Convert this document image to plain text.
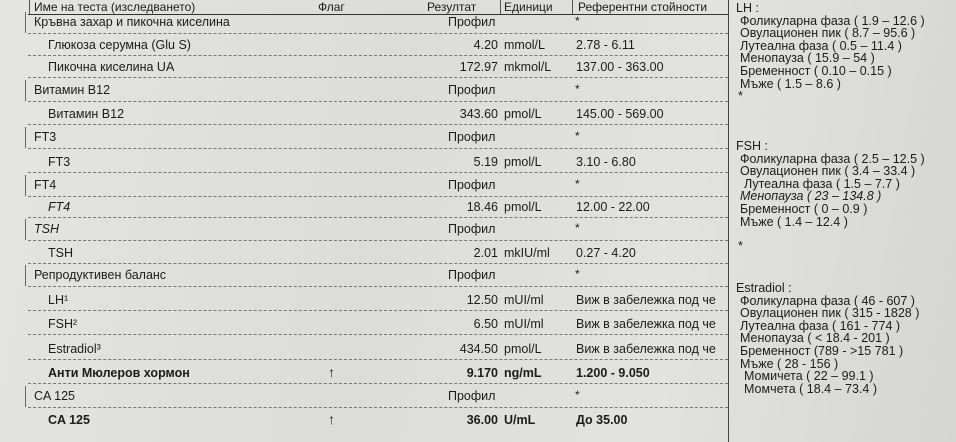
Име на теста (изследването)	Флаг	Резултат Единици Референтни стойности
Кръвна захар и пикочна киселина	Профил	*
Глюкоза серумна (Glu S)	4.20 mmol/L 2.78 - 6.11
Пикочна киселина UA	172.97 mkmol/L 137.00 - 363.00
Витамин В12	Профил	*
Витамин В12	343.60 pmol/L	145.00 - 569.00
FT3	Профил	*
FT3	5.19 pmol/L	3.10 - 6.80
FT4	Профил	*
FT4	18.46 pmol/L	12.00 - 22.00
TSH	Профил	*
TSH	2.01 mkIU/ml 0.27 - 4.20
Репродуктивен баланс	Профил	*
LH¹	12.50 mUI/ml	Виж в забележка под че
FSH²	6.50 mUI/ml	Виж в забележка под че
Estradiol³	434.50 pmol/L	Виж в забележка под че
Анти Мюлеров хормон	↑	9.170 ng/mL	1.200 - 9.050
CA 125	Профил	*
CA 125	↑	36.00 U/mL	До 35.00
LH :
Фоликуларна фаза ( 1.9 – 12.6 )
Овулационен пик ( 8.7 – 95.6 )
Лутеална фаза ( 0.5 – 11.4 )
Менопауза ( 15.9 – 54 )
Бременност ( 0.10 – 0.15 )
Мъже ( 1.5 – 8.6 )
*
FSH :
Фоликуларна фаза ( 2.5 – 12.5 )
Овулационен пик ( 3.4 – 33.4 )
Лутеална фаза ( 1.5 – 7.7 )
Менопауза ( 23 – 134.8 )
Бременност ( 0 – 0.9 )
Мъже ( 1.4 – 12.4 )
*
Estradiol :
Фоликуларна фаза ( 46 - 607 )
Овулационен пик ( 315 - 1828 )
Лутеална фаза ( 161 - 774 )
Менопауза ( < 18.4 - 201 )
Бременност (789 - >15 781 )
Мъже ( 28 - 156 )
Момичета ( 22 – 99.1 )
Момчета ( 18.4 – 73.4 )
